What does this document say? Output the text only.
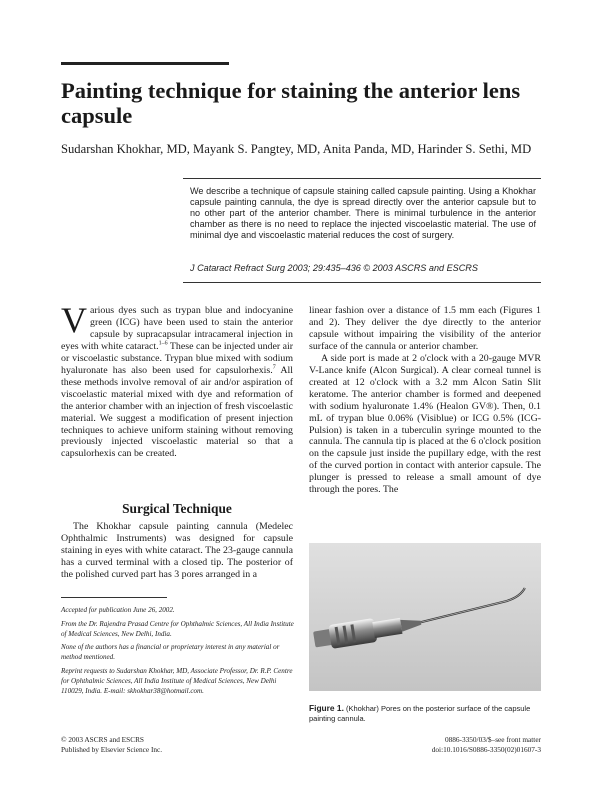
Painting technique for staining the anterior lens capsule
Sudarshan Khokhar, MD, Mayank S. Pangtey, MD, Anita Panda, MD, Harinder S. Sethi, MD
We describe a technique of capsule staining called capsule painting. Using a Khokhar capsule painting cannula, the dye is spread directly over the anterior capsule but to no other part of the anterior chamber. There is minimal turbulence in the anterior chamber as there is no need to replace the injected viscoelastic material. The use of minimal dye and viscoelastic material reduces the cost of surgery.
J Cataract Refract Surg 2003; 29:435–436 © 2003 ASCRS and ESCRS

Various dyes such as trypan blue and indocyanine green (ICG) have been used to stain the anterior capsule by supracapsular intracameral injection in eyes with white cataract.$^{1-6}$ These can be injected under air or viscoelastic substance. Trypan blue mixed with sodium hyaluronate has also been used for capsulorhexis.$^7$ All these methods involve removal of air and/or aspiration of viscoelastic material mixed with dye and reformation of the anterior chamber with an injection of fresh viscoelastic material. We suggest a modification of present injection techniques to achieve uniform staining without removing previously injected viscoelastic material so that a capsulorhexis can be created.

Surgical Technique

The Khokhar capsule painting cannula (Medelec Ophthalmic Instruments) was designed for capsule staining in eyes with white cataract. The 23-gauge cannula has a curved terminal with a closed tip. The posterior of the polished curved part has 3 pores arranged in a

Accepted for publication June 26, 2002.

From the Dr. Rajendra Prasad Centre for Ophthalmic Sciences, All India Institute of Medical Sciences, New Delhi, India.

None of the authors has a financial or proprietary interest in any material or method mentioned.

Reprint requests to Sudarshan Khokhar, MD, Associate Professor, Dr. R.P. Centre for Ophthalmic Sciences, All India Institute of Medical Sciences, New Delhi 110029, India. E-mail: skhokhar38@hotmail.com.

linear fashion over a distance of 1.5 mm each (Figures 1 and 2). They deliver the dye directly to the anterior capsule without impairing the visibility of the anterior surface of the cannula or anterior chamber.

A side port is made at 2 o'clock with a 20-gauge MVR V-Lance knife (Alcon Surgical). A clear corneal tunnel is created at 12 o'clock with a 3.2 mm Alcon Satin Slit keratome. The anterior chamber is formed and deepened with sodium hyaluronate 1.4% (Healon GV®). Then, 0.1 mL of trypan blue 0.06% (Visiblue) or ICG 0.5% (ICG-Pulsion) is taken in a tuberculin syringe mounted to the cannula. The cannula tip is placed at the 6 o'clock position on the capsule just inside the pupillary edge, with the rest of the curved portion in contact with anterior capsule. The plunger is pressed to release a small amount of dye through the pores. The

Figure 1. (Khokhar) Pores on the posterior surface of the capsule painting cannula.
© 2003 ASCRS and ESCRS
Published by Elsevier Science Inc.
0886-3350/03/$–see front matter
doi:10.1016/S0886-3350(02)01607-3
